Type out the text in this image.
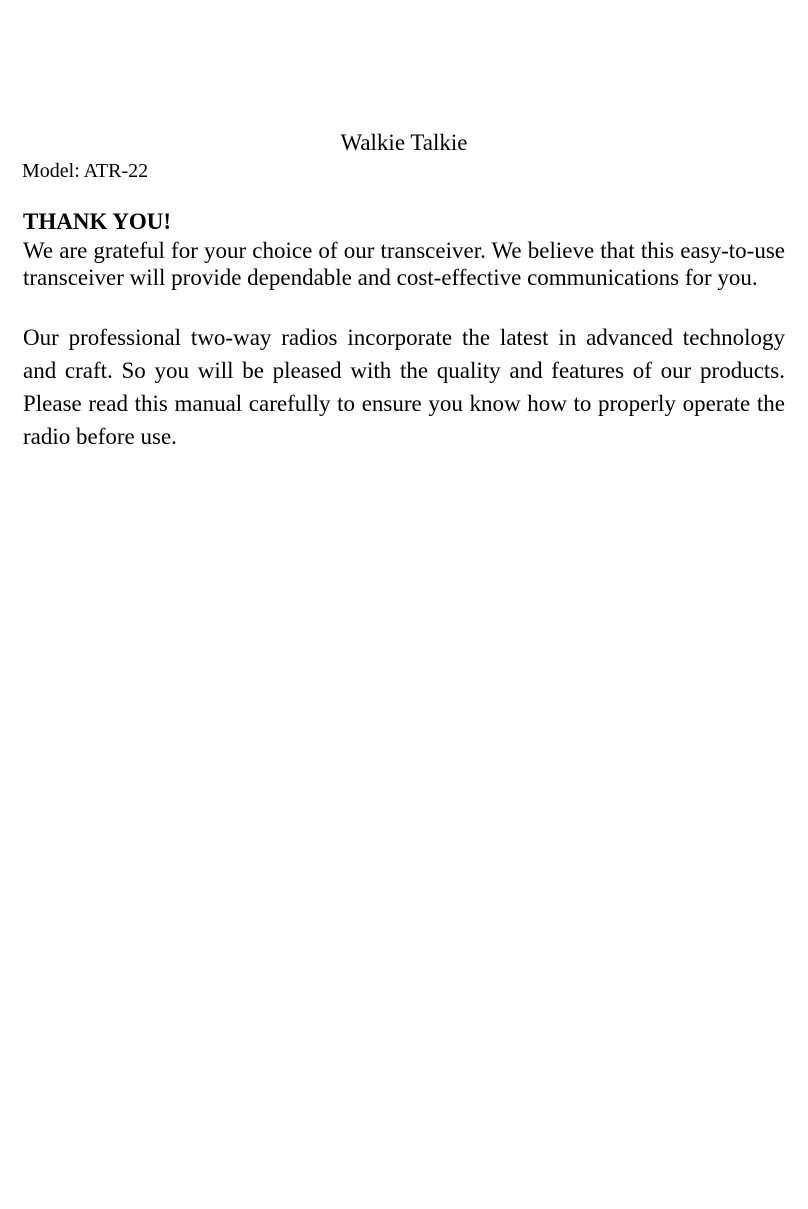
Walkie Talkie
Model: ATR-22
THANK YOU!

We are grateful for your choice of our transceiver. We believe that this easy-to-use transceiver will provide dependable and cost-effective communications for you.

Our professional two-way radios incorporate the latest in advanced technology and craft. So you will be pleased with the quality and features of our products. Please read this manual carefully to ensure you know how to properly operate the radio before use.
